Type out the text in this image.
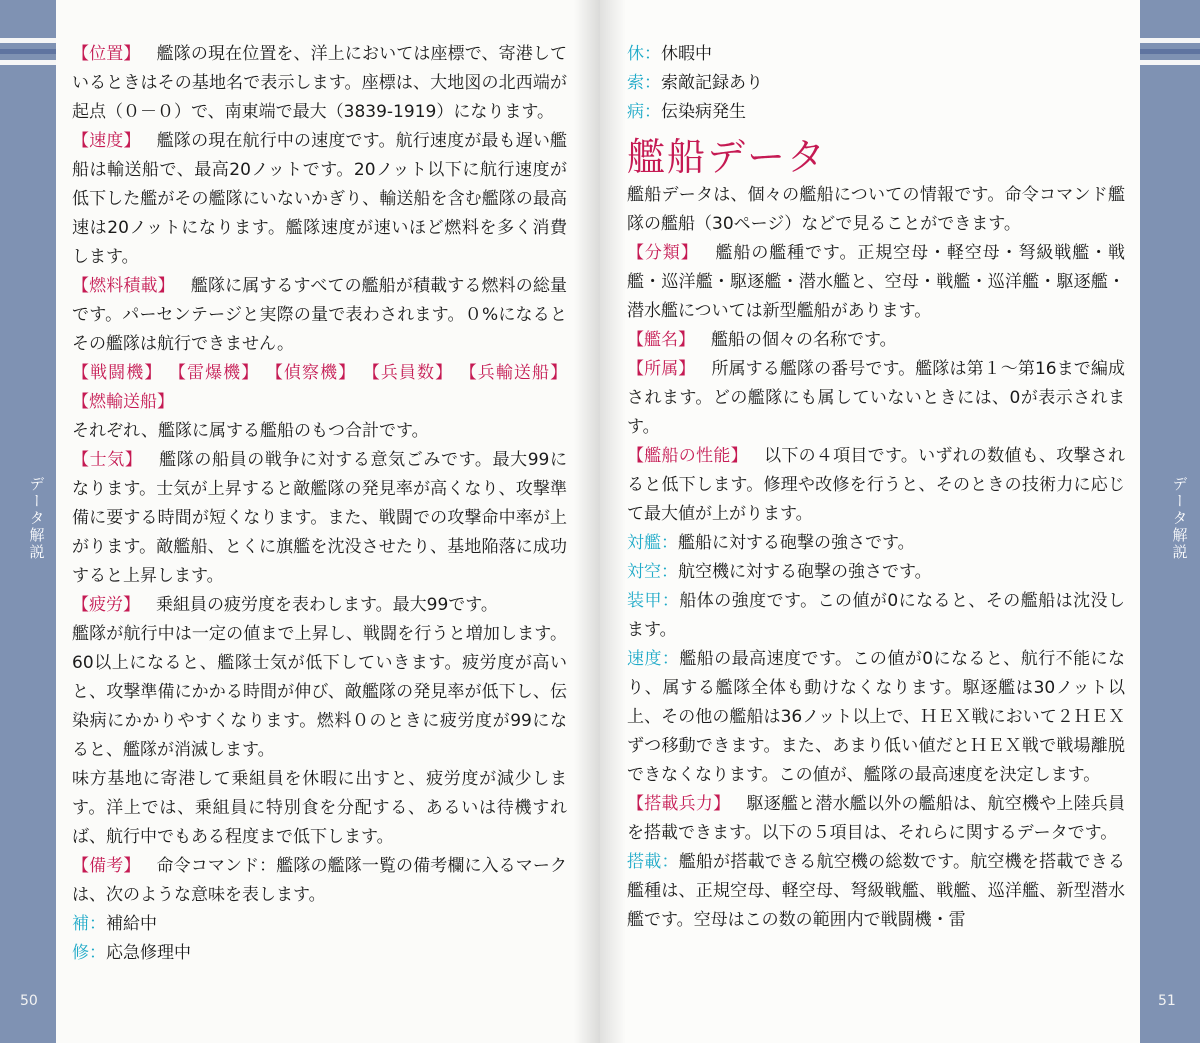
データ解説
50

【位置】 艦隊の現在位置を、洋上においては座標で、寄港しているときはその基地名で表示します。座標は、大地図の北西端が起点（０－０）で、南東端で最大（3839-1919）になります。

【速度】 艦隊の現在航行中の速度です。航行速度が最も遅い艦船は輸送船で、最高20ノットです。20ノット以下に航行速度が低下した艦がその艦隊にいないかぎり、輸送船を含む艦隊の最高速は20ノットになります。艦隊速度が速いほど燃料を多く消費します。

【燃料積載】 艦隊に属するすべての艦船が積載する燃料の総量です。パーセンテージと実際の量で表わされます。０%になるとその艦隊は航行できません。

【戦闘機】 【雷爆機】 【偵察機】 【兵員数】 【兵輸送船】 【燃輸送船】
それぞれ、艦隊に属する艦船のもつ合計です。

【士気】 艦隊の船員の戦争に対する意気ごみです。最大99になります。士気が上昇すると敵艦隊の発見率が高くなり、攻撃準備に要する時間が短くなります。また、戦闘での攻撃命中率が上がります。敵艦船、とくに旗艦を沈没させたり、基地陥落に成功すると上昇します。

【疲労】 乗組員の疲労度を表わします。最大99です。

艦隊が航行中は一定の値まで上昇し、戦闘を行うと増加します。60以上になると、艦隊士気が低下していきます。疲労度が高いと、攻撃準備にかかる時間が伸び、敵艦隊の発見率が低下し、伝染病にかかりやすくなります。燃料０のときに疲労度が99になると、艦隊が消滅します。

味方基地に寄港して乗組員を休暇に出すと、疲労度が減少します。洋上では、乗組員に特別食を分配する、あるいは待機すれば、航行中でもある程度まで低下します。

【備考】 命令コマンド：艦隊の艦隊一覧の備考欄に入るマークは、次のような意味を表します。

補：補給中

修：応急修理中

データ解説
51

休：休暇中

索：索敵記録あり

病：伝染病発生

艦船データ

艦船データは、個々の艦船についての情報です。命令コマンド艦隊の艦船（30ページ）などで見ることができます。

【分類】 艦船の艦種です。正規空母・軽空母・弩級戦艦・戦艦・巡洋艦・駆逐艦・潜水艦と、空母・戦艦・巡洋艦・駆逐艦・潜水艦については新型艦船があります。

【艦名】 艦船の個々の名称です。

【所属】 所属する艦隊の番号です。艦隊は第１～第16まで編成されます。どの艦隊にも属していないときには、0が表示されます。

【艦船の性能】 以下の４項目です。いずれの数値も、攻撃されると低下します。修理や改修を行うと、そのときの技術力に応じて最大値が上がります。

対艦：艦船に対する砲撃の強さです。

対空：航空機に対する砲撃の強さです。

装甲：船体の強度です。この値が0になると、その艦船は沈没します。

速度：艦船の最高速度です。この値が0になると、航行不能になり、属する艦隊全体も動けなくなります。駆逐艦は30ノット以上、その他の艦船は36ノット以上で、ＨＥＸ戦において２ＨＥＸずつ移動できます。また、あまり低い値だとＨＥＸ戦で戦場離脱できなくなります。この値が、艦隊の最高速度を決定します。

【搭載兵力】 駆逐艦と潜水艦以外の艦船は、航空機や上陸兵員を搭載できます。以下の５項目は、それらに関するデータです。

搭載：艦船が搭載できる航空機の総数です。航空機を搭載できる艦種は、正規空母、軽空母、弩級戦艦、戦艦、巡洋艦、新型潜水艦です。空母はこの数の範囲内で戦闘機・雷
